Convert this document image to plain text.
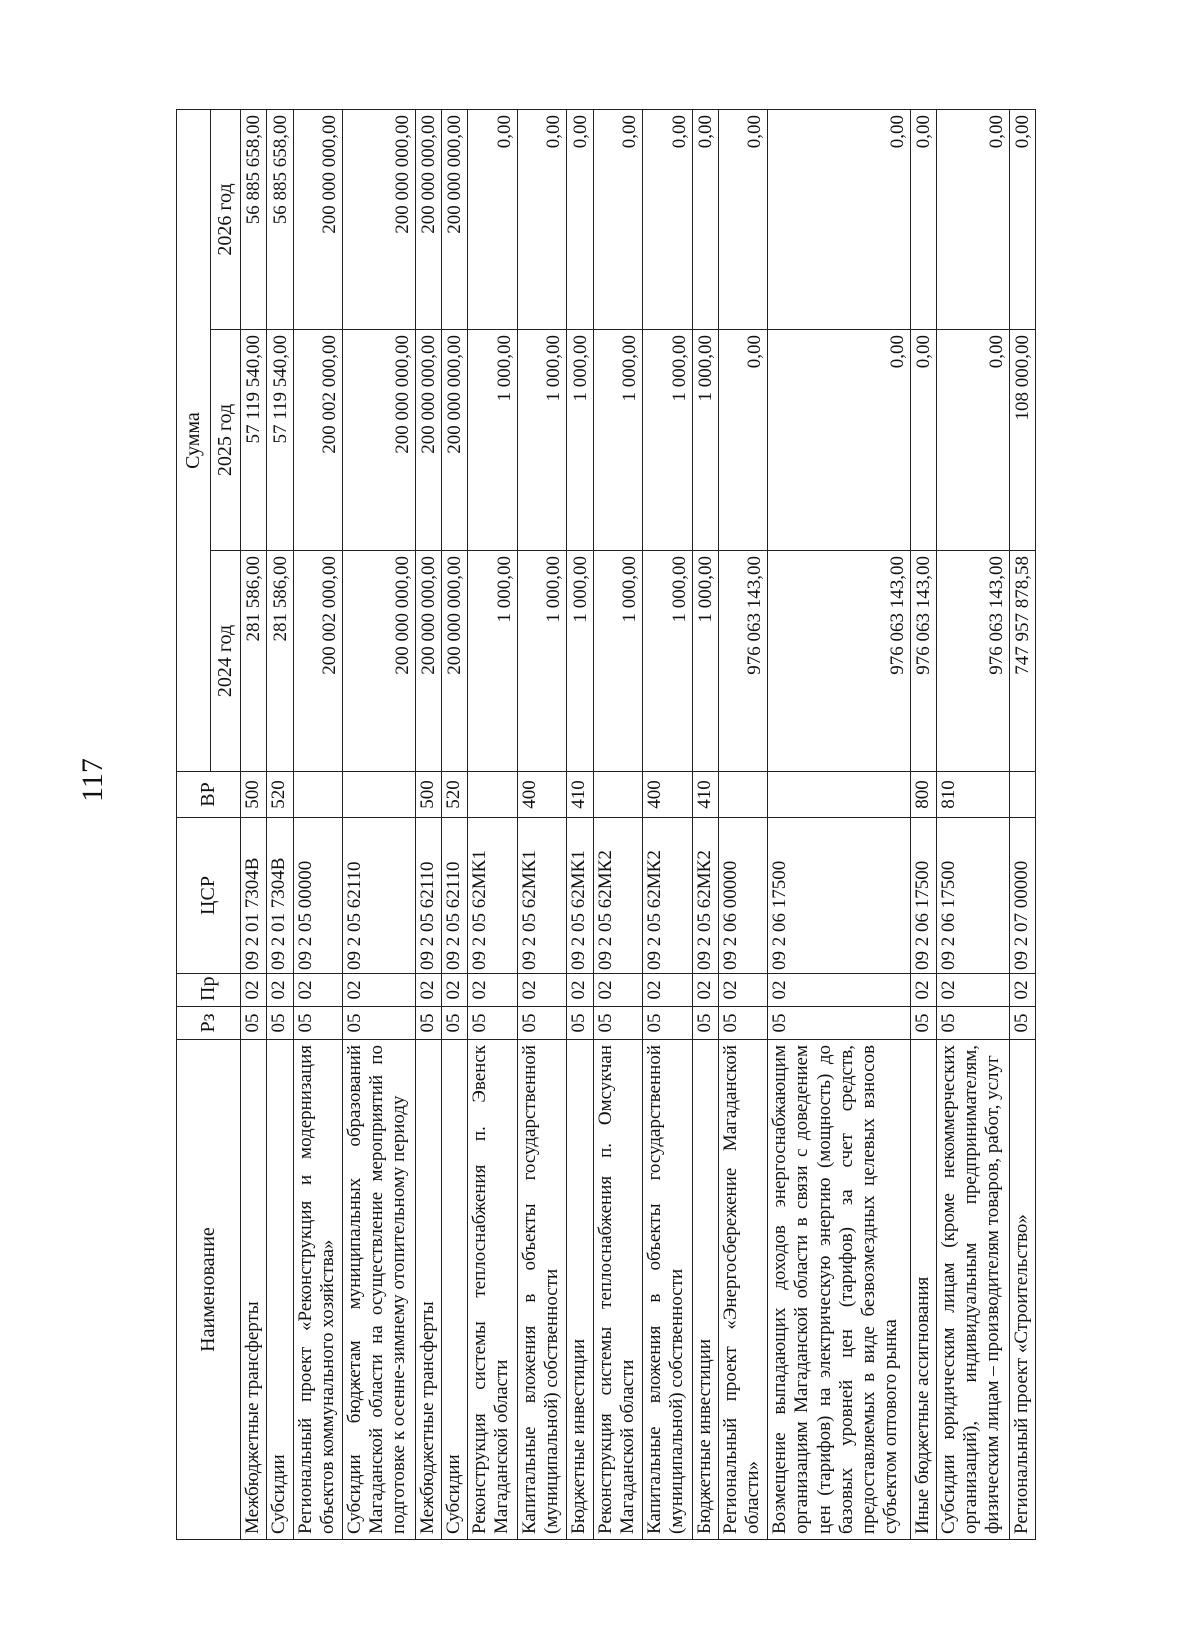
117
Наименование	Рз	Пр	ЦСР	ВР	Сумма		
					2024 год	2025 год	2026 год
Межбюджетные трансферты	05	02	09 2 01 7304В	500	281 586,00	57 119 540,00	56 885 658,00
Субсидии	05	02	09 2 01 7304В	520	281 586,00	57 119 540,00	56 885 658,00
Региональный проект «Реконструкция и модернизация объектов коммунального хозяйства»	05	02	09 2 05 00000		200 002 000,00	200 002 000,00	200 000 000,00
Субсидии бюджетам муниципальных образований Магаданской области на осуществление мероприятий по подготовке к осенне-зимнему отопительному периоду	05	02	09 2 05 62110		200 000 000,00	200 000 000,00	200 000 000,00
Межбюджетные трансферты	05	02	09 2 05 62110	500	200 000 000,00	200 000 000,00	200 000 000,00
Субсидии	05	02	09 2 05 62110	520	200 000 000,00	200 000 000,00	200 000 000,00
Реконструкция системы теплоснабжения п. Эвенск Магаданской области	05	02	09 2 05 62МК1		1 000,00	1 000,00	0,00
Капитальные вложения в объекты государственной (муниципальной) собственности	05	02	09 2 05 62МК1	400	1 000,00	1 000,00	0,00
Бюджетные инвестиции	05	02	09 2 05 62МК1	410	1 000,00	1 000,00	0,00
Реконструкция системы теплоснабжения п. Омсукчан Магаданской области	05	02	09 2 05 62МК2		1 000,00	1 000,00	0,00
Капитальные вложения в объекты государственной (муниципальной) собственности	05	02	09 2 05 62МК2	400	1 000,00	1 000,00	0,00
Бюджетные инвестиции	05	02	09 2 05 62МК2	410	1 000,00	1 000,00	0,00
Региональный проект «Энергосбережение Магаданской области»	05	02	09 2 06 00000		976 063 143,00	0,00	0,00
Возмещение выпадающих доходов энергоснабжающим организациям Магаданской области в связи с доведением цен (тарифов) на электрическую энергию (мощность) до базовых уровней цен (тарифов) за счет средств, предоставляемых в виде безвозмездных целевых взносов субъектом оптового рынка	05	02	09 2 06 17500		976 063 143,00	0,00	0,00
Иные бюджетные ассигнования	05	02	09 2 06 17500	800	976 063 143,00	0,00	0,00
Субсидии юридическим лицам (кроме некоммерческих организаций), индивидуальным предпринимателям, физическим лицам – производителям товаров, работ, услуг	05	02	09 2 06 17500	810	976 063 143,00	0,00	0,00
Региональный проект «Строительство»	05	02	09 2 07 00000		747 957 878,58	108 000,00	0,00
